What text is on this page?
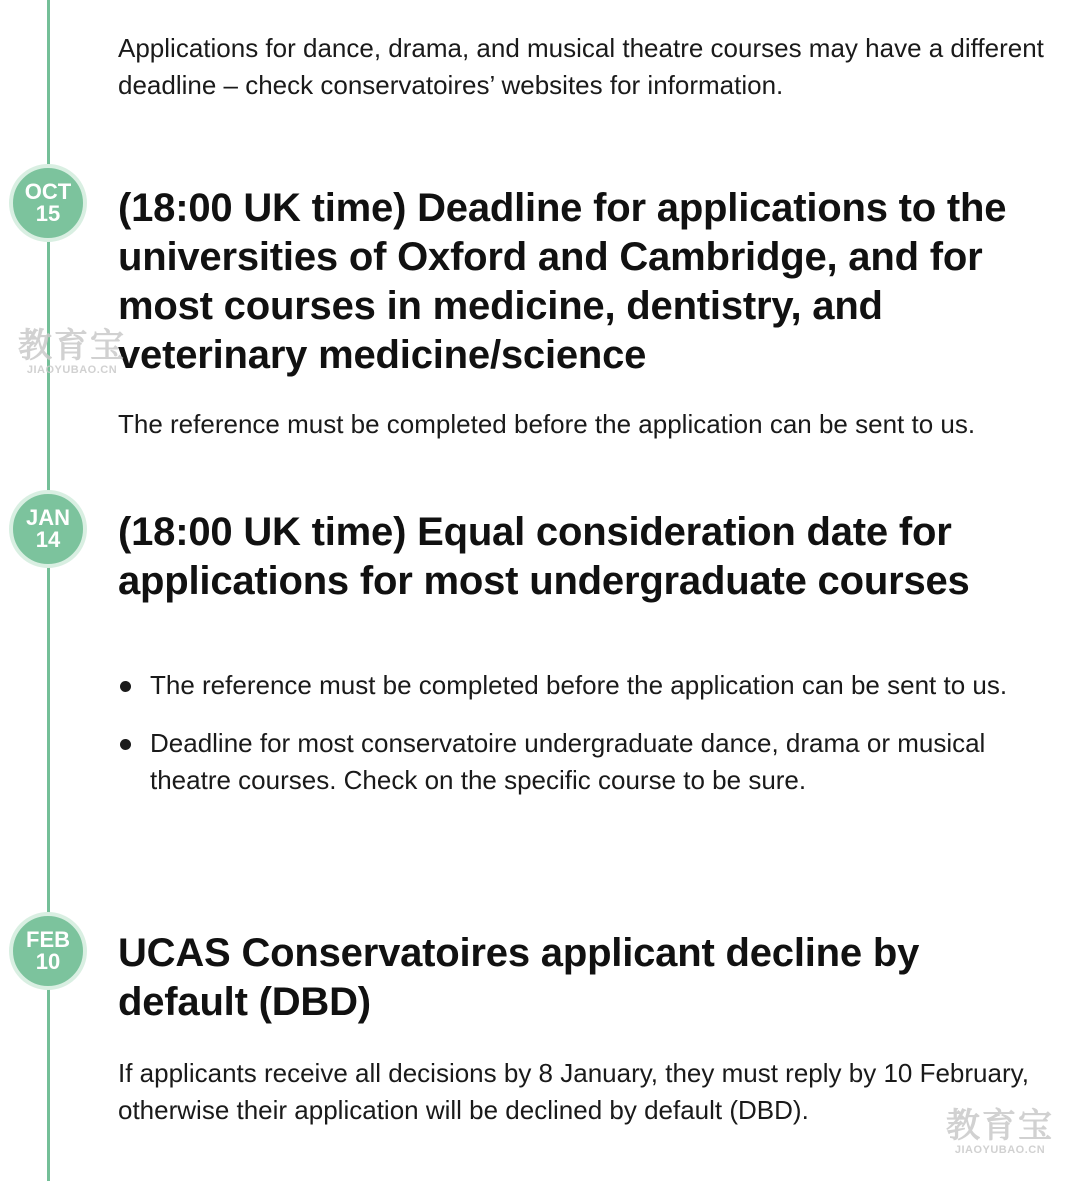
Applications for dance, drama, and musical theatre courses may have a different deadline – check conservatoires’ websites for information.

OCT
15	(18:00 UK time) Deadline for applications to the universities of Oxford and Cambridge, and for most courses in medicine, dentistry, and veterinary medicine/science

The reference must be completed before the application can be sent to us.

JAN
14	(18:00 UK time) Equal consideration date for applications for most undergraduate courses
The reference must be completed before the application can be sent to us.
Deadline for most conservatoire undergraduate dance, drama or musical theatre courses. Check on the specific course to be sure.
FEB
10	UCAS Conservatoires applicant decline by default (DBD)

If applicants receive all decisions by 8 January, they must reply by 10 February, otherwise their application will be declined by default (DBD).

教育宝
JIAOYUBAO.CN
教育宝
JIAOYUBAO.CN
